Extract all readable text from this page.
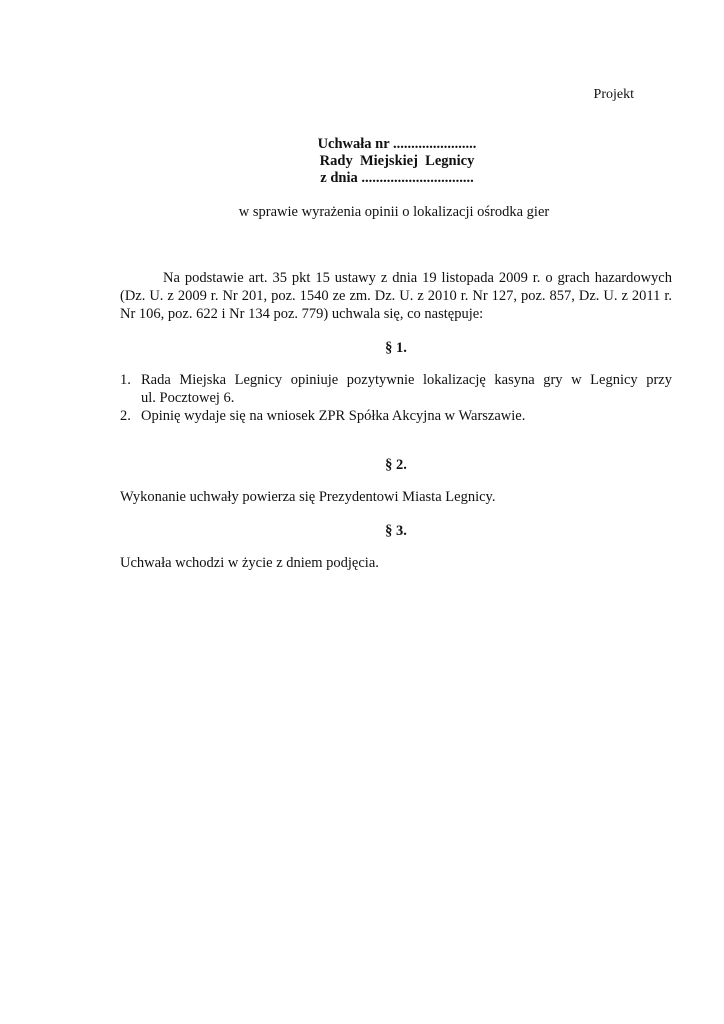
Projekt
Uchwała nr .......................
Rady  Miejskiej  Legnicy
z dnia ...............................
w sprawie wyrażenia opinii o lokalizacji ośrodka gier
Na podstawie art. 35 pkt 15 ustawy z dnia 19 listopada 2009 r. o grach hazardowych
(Dz. U. z 2009 r. Nr 201, poz. 1540 ze zm. Dz. U. z 2010 r. Nr 127, poz. 857, Dz. U. z 2011 r.
Nr 106, poz. 622 i Nr 134 poz. 779) uchwala się, co następuje:
§ 1.
1. Rada Miejska Legnicy opiniuje pozytywnie lokalizację kasyna gry w Legnicy przy
ul. Pocztowej 6.
2. Opinię wydaje się na wniosek ZPR Spółka Akcyjna w Warszawie.
§ 2.
Wykonanie uchwały powierza się Prezydentowi Miasta Legnicy.
§ 3.
Uchwała wchodzi w życie z dniem podjęcia.
